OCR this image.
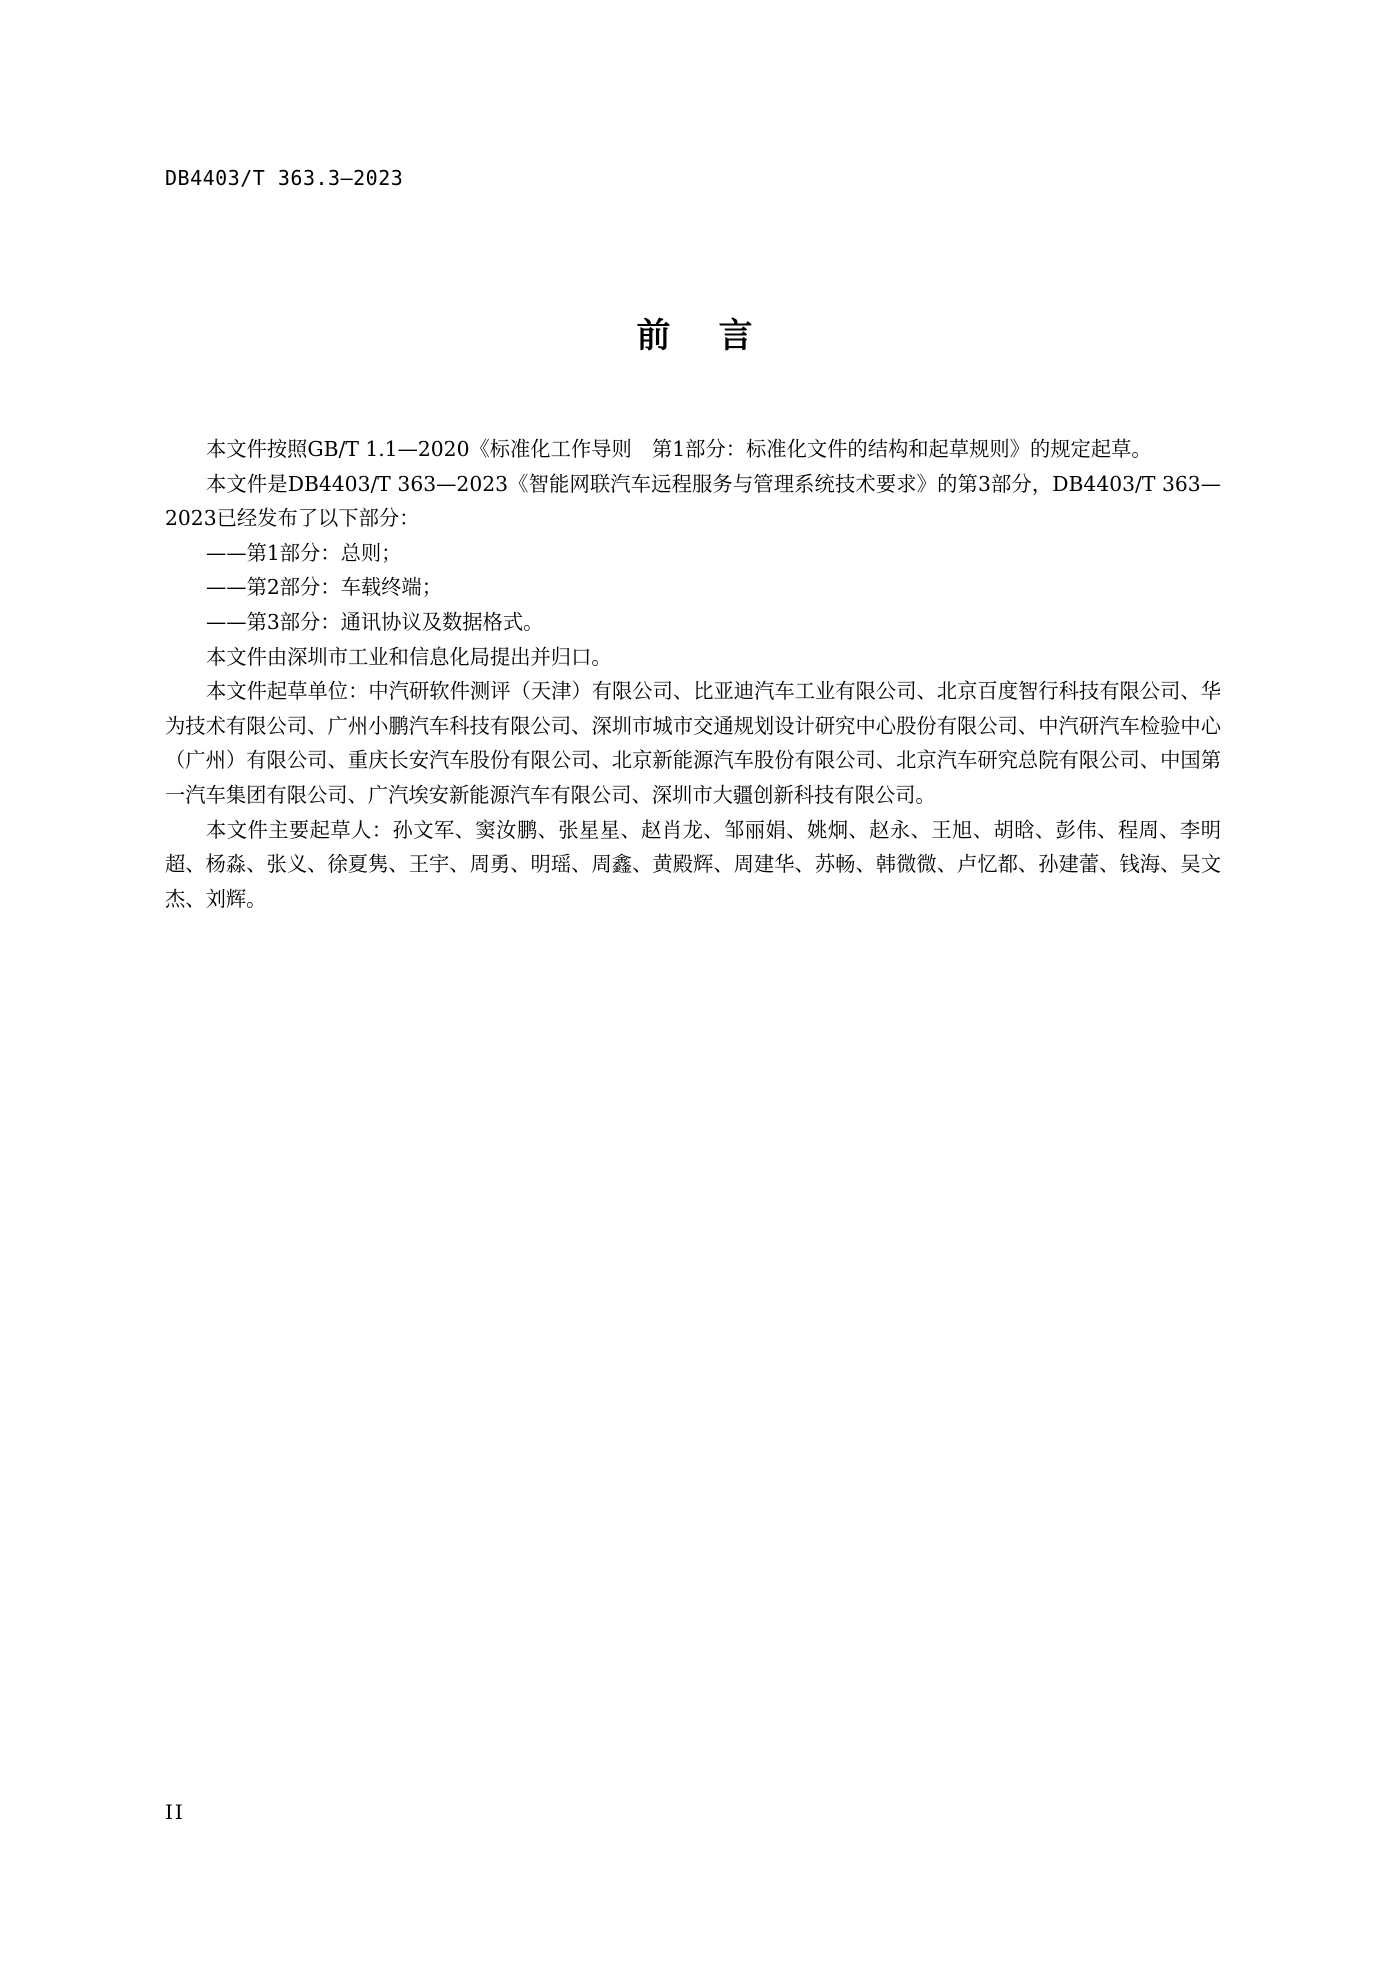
DB4403/T 363.3—2023
前言

本文件按照GB/T 1.1—2020《标准化工作导则　第1部分：标准化文件的结构和起草规则》的规定起草。

本文件是DB4403/T 363—2023《智能网联汽车远程服务与管理系统技术要求》的第3部分，DB4403/T 363—2023已经发布了以下部分：

——第1部分：总则；

——第2部分：车载终端；

——第3部分：通讯协议及数据格式。

本文件由深圳市工业和信息化局提出并归口。

本文件起草单位：中汽研软件测评（天津）有限公司、比亚迪汽车工业有限公司、北京百度智行科技有限公司、华为技术有限公司、广州小鹏汽车科技有限公司、深圳市城市交通规划设计研究中心股份有限公司、中汽研汽车检验中心（广州）有限公司、重庆长安汽车股份有限公司、北京新能源汽车股份有限公司、北京汽车研究总院有限公司、中国第一汽车集团有限公司、广汽埃安新能源汽车有限公司、深圳市大疆创新科技有限公司。

本文件主要起草人：孙文军、窦汝鹏、张星星、赵肖龙、邹丽娟、姚炯、赵永、王旭、胡晗、彭伟、程周、李明超、杨淼、张义、徐夏隽、王宇、周勇、明瑶、周鑫、黄殿辉、周建华、苏畅、韩微微、卢忆都、孙建蕾、钱海、吴文杰、刘辉。

II
